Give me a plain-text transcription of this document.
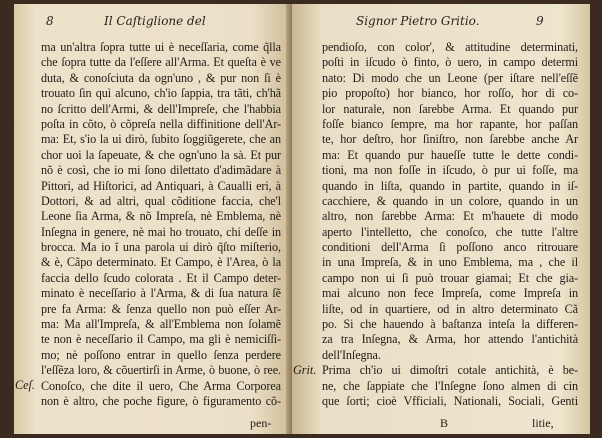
8	Il Caſtiglione del
ma un'altra ſopra tutte ui è neceſſaria, come q̃lla
che ſopra tutte da l'eſſere all'Arma. Et queſta è ve
duta, & conoſciuta da ogn'uno , & pur non ſi è
trouato ſin quì alcuno, ch'io ſappia, tra tãti, ch'hã
no ſcritto dell'Armi, & dell'Impreſe, che l'habbia
poſta in cõto, ò cõpreſa nella diffinitione dell'Ar-
ma: Et, s'io la ui dirò, ſubito ſoggiũgerete, che an
chor uoi la ſapeuate, & che ogn'uno la sà. Et pur
nõ è così, che io mi ſono dilettato d'adimãdare à
Pittori, ad Hiſtorici, ad Antiquari, à Caualli eri, à
Dottori, & ad altri, qual cõditione faccia, che'l
Leone ſia Arma, & nõ Impreſa, nè Emblema, nè
Inſegna in genere, nè mai ho trouato, chi deſſe in
brocca. Ma io ĩ una parola ui dirò q̃ſto miſterio,
& è, Cãpo determinato. Et Campo, è l'Area, ò la
faccia dello ſcudo colorata . Et il Campo deter-
minato è neceſſario à l'Arma, & di ſua natura ſẽ
pre fa Arma: & ſenza quello non può eſſer Ar-
ma: Ma all'Impreſa, & all'Emblema non ſolamẽ
te non è neceſſario il Campo, ma gli è nemiciſſi-
mo; nè poſſono entrar in quello ſenza perdere
l'eſſẽza loro, & cõuertirſi in Arme, ò buone, ò ree.
Conoſco, che dite il uero, Che Arma Corporea
non è altro, che poche figure, ò figuramento cõ-
Ceſ.
pen-
Signor Pietro Gritio.	9
pendioſo, con color', & attitudine determinati,
poſti in iſcudo ò finto, ò uero, in campo determi
nato: Di modo che un Leone (per iſtare nell'eſſẽ
pio propoſto) hor bianco, hor roſſo, hor di co-
lor naturale, non ſarebbe Arma. Et quando pur
foſſe bianco ſempre, ma hor rapante, hor paſſan
te, hor deſtro, hor ſiniſtro, non ſarebbe anche Ar
ma: Et quando pur haueſſe tutte le dette condi-
tioni, ma non foſſe in iſcudo, ò pur ui foſſe, ma
quando in liſta, quando in partite, quando in iſ-
cacchiere, & quando in un colore, quando in un
altro, non ſarebbe Arma: Et m'hauete di modo
aperto l'intelletto, che conoſco, che tutte l'altre
conditioni dell'Arma ſi poſſono anco ritrouare
in una Impreſa, & in uno Emblema, ma , che il
campo non ui ſi può trouar giamai; Et che gia-
mai alcuno non fece Impreſa, come Impreſa in
liſte, od in quartiere, od in altro determinato Cã
po. Si che hauendo à baſtanza inteſa la differen-
za tra Inſegna, & Arma, hor attendo l'antichità
dell'Inſegna.
Prima ch'io ui dimoſtri cotale antichità, è be-
ne, che ſappiate che l'Inſegne ſono almen di cin
que ſorti; cioè Vfficiali, Nationali, Sociali, Genti
Grit.
B	litie,
